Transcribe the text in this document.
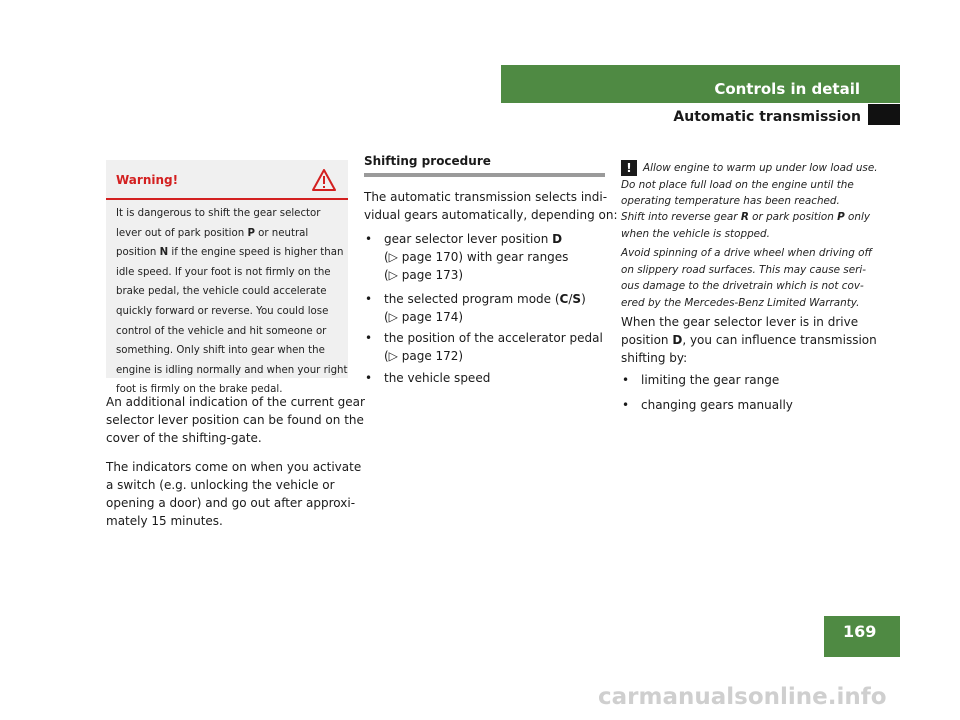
Controls in detail
Automatic transmission
Warning!
It is dangerous to shift the gear selector
lever out of park position P or neutral
position N if the engine speed is higher than
idle speed. If your foot is not firmly on the
brake pedal, the vehicle could accelerate
quickly forward or reverse. You could lose
control of the vehicle and hit someone or
something. Only shift into gear when the
engine is idling normally and when your right
foot is firmly on the brake pedal.
An additional indication of the current gear
selector lever position can be found on the
cover of the shifting-gate.
The indicators come on when you activate
a switch (e.g. unlocking the vehicle or
opening a door) and go out after approxi-
mately 15 minutes.
Shifting procedure
The automatic transmission selects indi-
vidual gears automatically, depending on:
• gear selector lever position D
(▷ page 170) with gear ranges
(▷ page 173)
• the selected program mode (C/S)
(▷ page 174)
• the position of the accelerator pedal
(▷ page 172)
• the vehicle speed
!	Allow engine to warm up under low load use.
Do not place full load on the engine until the
operating temperature has been reached.
Shift into reverse gear R or park position P only
when the vehicle is stopped.
Avoid spinning of a drive wheel when driving off
on slippery road surfaces. This may cause seri-
ous damage to the drivetrain which is not cov-
ered by the Mercedes-Benz Limited Warranty.
When the gear selector lever is in drive
position D, you can influence transmission
shifting by:
• limiting the gear range
• changing gears manually
169
carmanualsonline.info
